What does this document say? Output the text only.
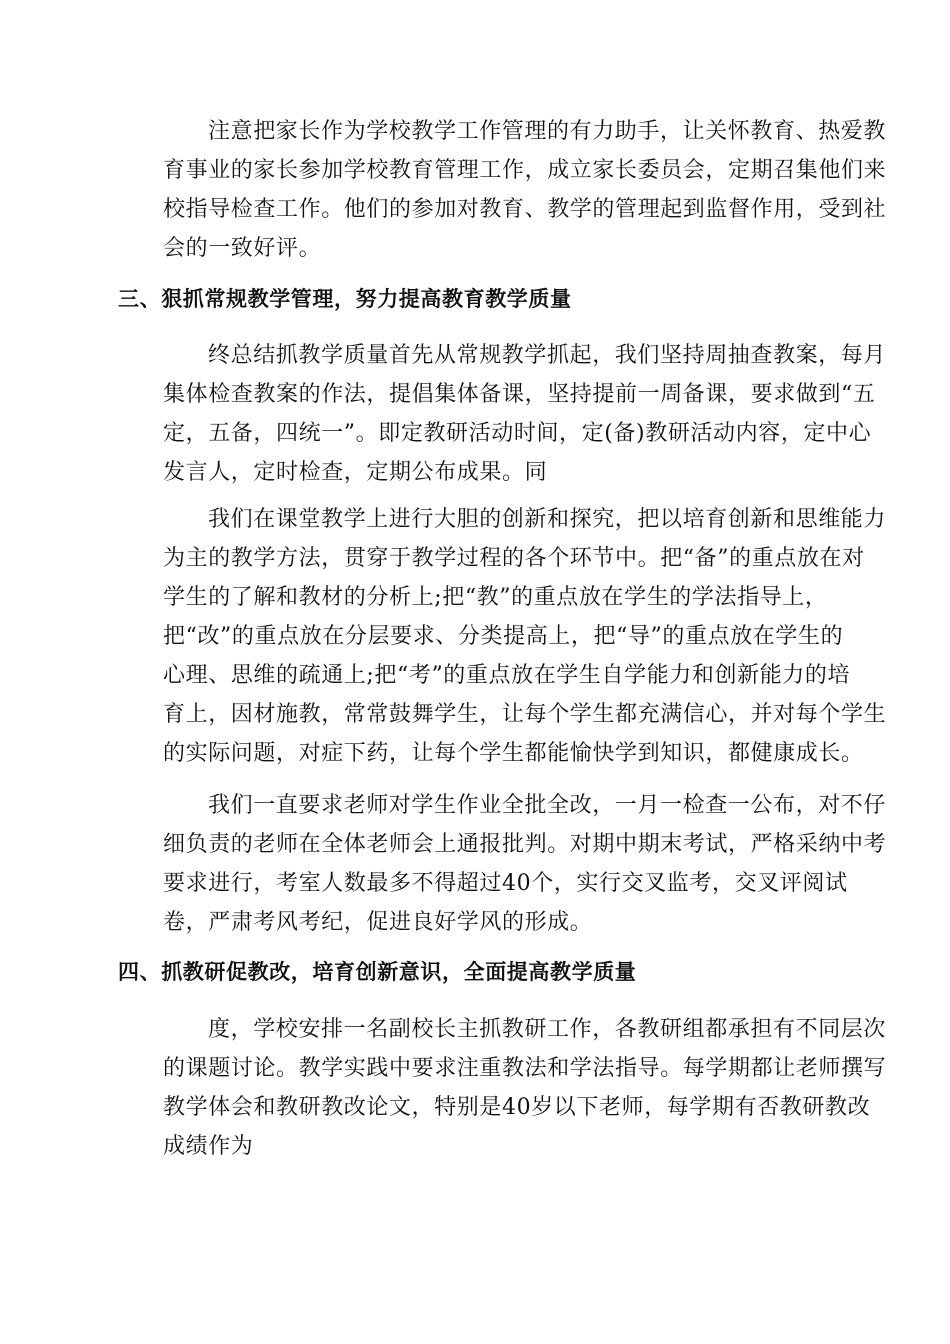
注意把家长作为学校教学工作管理的有力助手，让关怀教育、热爱教
育事业的家长参加学校教育管理工作，成立家长委员会，定期召集他们来
校指导检查工作。他们的参加对教育、教学的管理起到监督作用，受到社
会的一致好评。
三、狠抓常规教学管理，努力提高教育教学质量
终总结抓教学质量首先从常规教学抓起，我们坚持周抽查教案，每月
集体检查教案的作法，提倡集体备课，坚持提前一周备课，要求做到“五
定，五备，四统一”。即定教研活动时间，定(备)教研活动内容，定中心
发言人，定时检查，定期公布成果。同
我们在课堂教学上进行大胆的创新和探究，把以培育创新和思维能力
为主的教学方法，贯穿于教学过程的各个环节中。把“备”的重点放在对
学生的了解和教材的分析上;把“教”的重点放在学生的学法指导上，
把“改”的重点放在分层要求、分类提高上，把“导”的重点放在学生的
心理、思维的疏通上;把“考”的重点放在学生自学能力和创新能力的培
育上，因材施教，常常鼓舞学生，让每个学生都充满信心，并对每个学生
的实际问题，对症下药，让每个学生都能愉快学到知识，都健康成长。
我们一直要求老师对学生作业全批全改，一月一检查一公布，对不仔
细负责的老师在全体老师会上通报批判。对期中期末考试，严格采纳中考
要求进行，考室人数最多不得超过40个，实行交叉监考，交叉评阅试
卷，严肃考风考纪，促进良好学风的形成。
四、抓教研促教改，培育创新意识，全面提高教学质量
度，学校安排一名副校长主抓教研工作，各教研组都承担有不同层次
的课题讨论。教学实践中要求注重教法和学法指导。每学期都让老师撰写
教学体会和教研教改论文，特别是40岁以下老师，每学期有否教研教改
成绩作为
